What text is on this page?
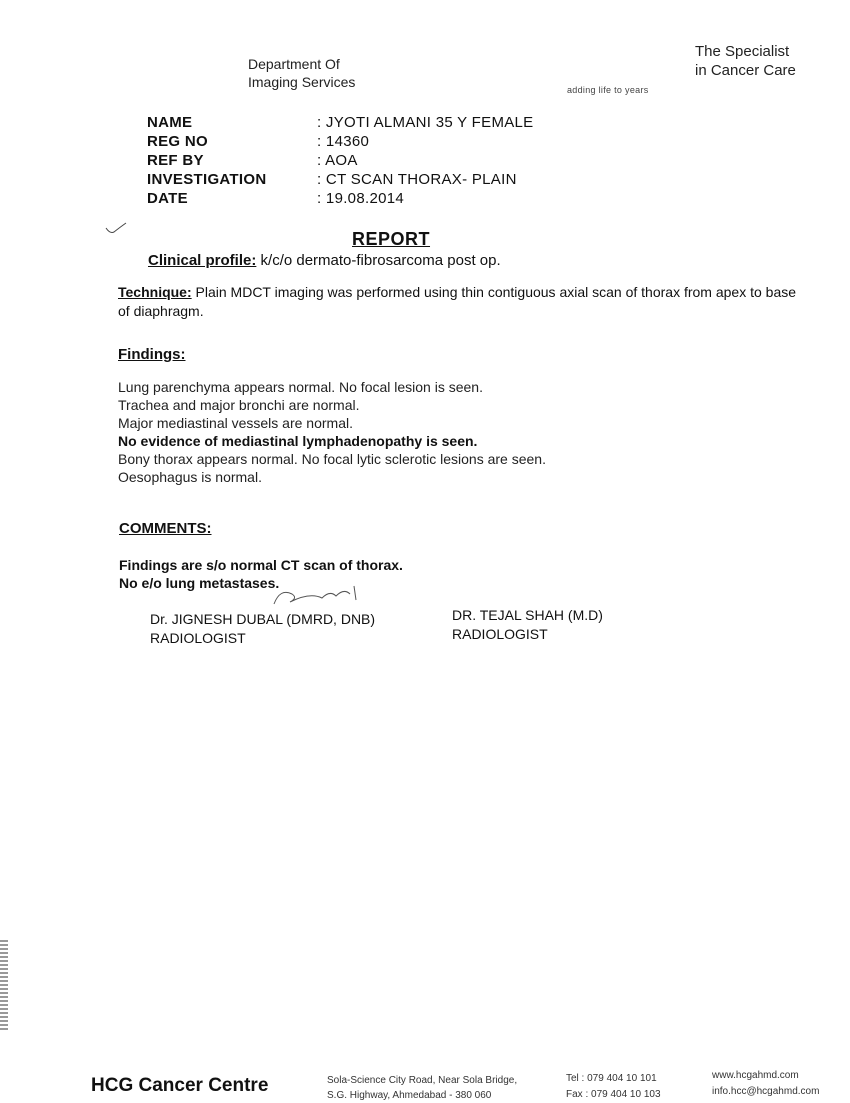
Department Of
Imaging Services
The Specialist
in Cancer Care
adding life to years
NAME	: JYOTI ALMANI 35 Y FEMALE
REG NO	: 14360
REF BY	: AOA
INVESTIGATION	: CT SCAN THORAX- PLAIN
DATE	: 19.08.2014
REPORT
Clinical profile: k/c/o dermato-fibrosarcoma post op.
Technique: Plain MDCT imaging was performed using thin contiguous axial scan of thorax from apex to base of diaphragm.
Findings:
Lung parenchyma appears normal. No focal lesion is seen.
Trachea and major bronchi are normal.
Major mediastinal vessels are normal.
No evidence of mediastinal lymphadenopathy is seen.
Bony thorax appears normal. No focal lytic sclerotic lesions are seen.
Oesophagus is normal.
COMMENTS:
Findings are s/o normal CT scan of thorax.
No e/o lung metastases.
Dr. JIGNESH DUBAL (DMRD, DNB)
RADIOLOGIST
DR. TEJAL SHAH (M.D)
RADIOLOGIST
HCG Cancer Centre	Sola-Science City Road, Near Sola Bridge,
S.G. Highway, Ahmedabad - 380 060
Tel : 079 404 10 101
Fax : 079 404 10 103
www.hcgahmd.com
info.hcc@hcgahmd.com
